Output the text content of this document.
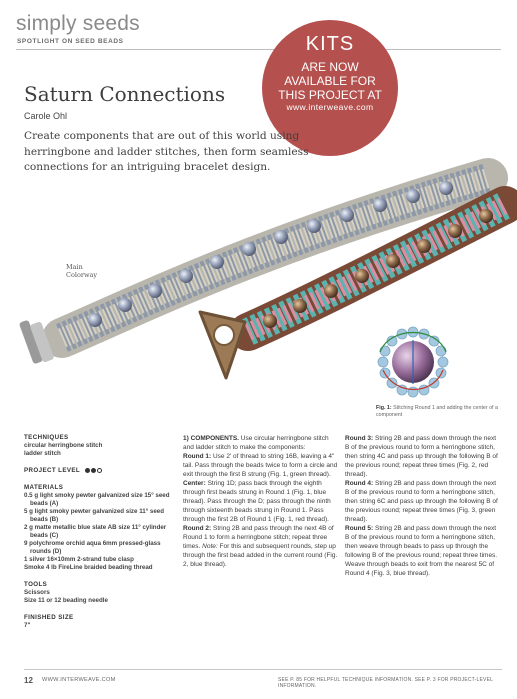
simply seeds
SPOTLIGHT ON SEED BEADS	KITS
ARE NOW
AVAILABLE FOR
THIS PROJECT AT
www.interweave.com
Saturn Connections
Carole Ohl
Create components that are out of this world using herringbone and ladder stitches, then form seamless connections for an intriguing bracelet design.
Main
Colorway
Fig. 1: Stitching Round 1 and adding the center of a component
TECHNIQUES
circular herringbone stitch
ladder stitch
PROJECT LEVEL
MATERIALS
0.5 g light smoky pewter galvanized size 15° seed beads (A)
5 g light smoky pewter galvanized size 11° seed beads (B)
2 g matte metallic blue slate AB size 11° cylinder beads (C)
9 polychrome orchid aqua 6mm pressed-glass rounds (D)
1 silver 16×10mm 2-strand tube clasp
Smoke 4 lb FireLine braided beading thread
TOOLS
Scissors
Size 11 or 12 beading needle
FINISHED SIZE
7"

1) COMPONENTS. Use circular herringbone stitch and ladder stitch to make the components:

Round 1: Use 2' of thread to string 16B, leaving a 4" tail. Pass through the beads twice to form a circle and exit through the first B strung (Fig. 1, green thread).

Center: String 1D; pass back through the eighth through first beads strung in Round 1 (Fig. 1, blue thread). Pass through the D; pass through the ninth through sixteenth beads strung in Round 1. Pass through the first 2B of Round 1 (Fig. 1, red thread).

Round 2: String 2B and pass through the next 4B of Round 1 to form a herringbone stitch; repeat three times. Note: For this and subsequent rounds, step up through the first bead added in the current round (Fig. 2, blue thread).

Round 3: String 2B and pass down through the next B of the previous round to form a herringbone stitch, then string 4C and pass up through the following B of the previous round; repeat three times (Fig. 2, red thread).

Round 4: String 2B and pass down through the next B of the previous round to form a herringbone stitch, then string 6C and pass up through the following B of the previous round; repeat three times (Fig. 3, green thread).

Round 5: String 2B and pass down through the next B of the previous round to form a herringbone stitch, then weave through beads to pass up through the following B of the previous round; repeat three times. Weave through beads to exit from the nearest 5C of Round 4 (Fig. 3, blue thread).

12 WWW.INTERWEAVE.COM	SEE P. 85 FOR HELPFUL TECHNIQUE INFORMATION. SEE P. 3 FOR PROJECT-LEVEL INFORMATION.
